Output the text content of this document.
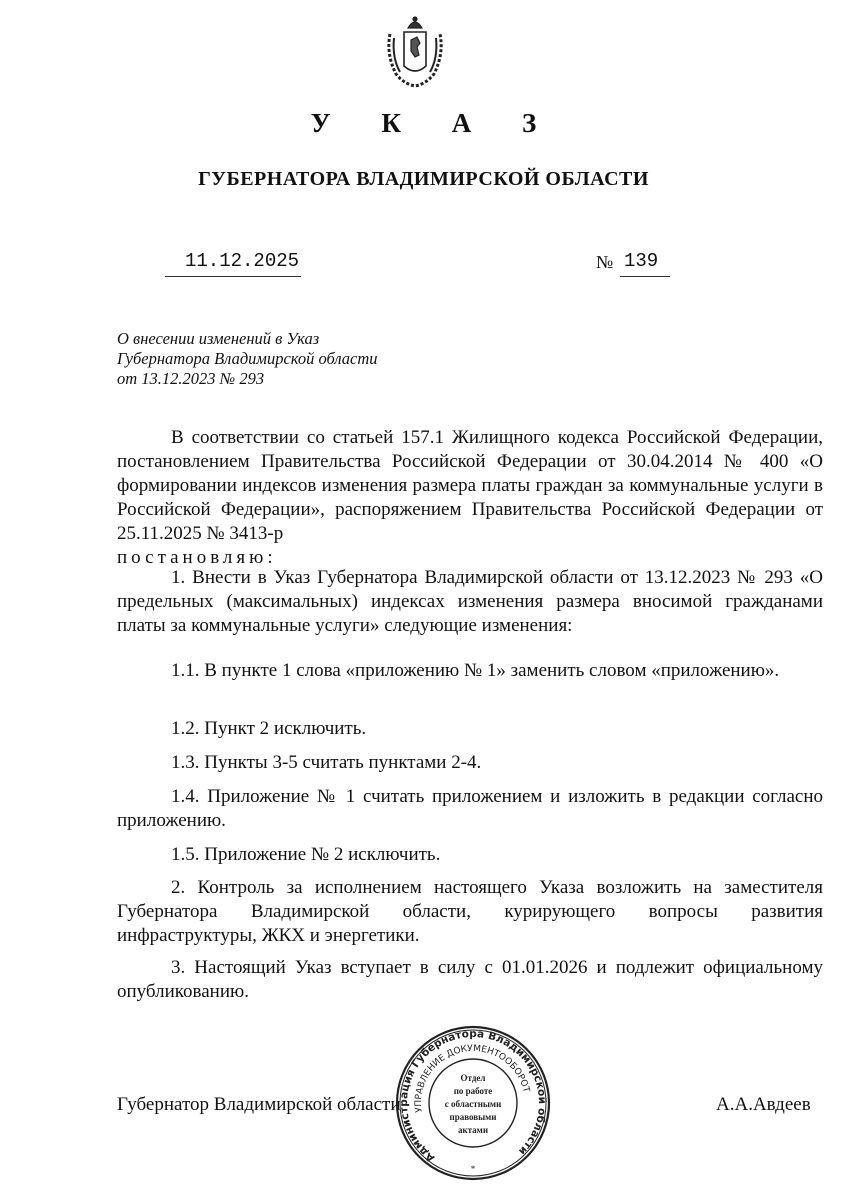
У К А З
ГУБЕРНАТОРА ВЛАДИМИРСКОЙ ОБЛАСТИ
11.12.2025	№ 139
О внесении изменений в Указ
Губернатора Владимирской области
от 13.12.2023 № 293

В соответствии со статьей 157.1 Жилищного кодекса Российской Федерации, постановлением Правительства Российской Федерации от 30.04.2014 № 400 «О формировании индексов изменения размера платы граждан за коммунальные услуги в Российской Федерации», распоряжением Правительства Российской Федерации от 25.11.2025 № 3413-р

постановляю:

1. Внести в Указ Губернатора Владимирской области от 13.12.2023 № 293 «О предельных (максимальных) индексах изменения размера вносимой гражданами платы за коммунальные услуги» следующие изменения:

1.1. В пункте 1 слова «приложению № 1» заменить словом «приложению».

1.2. Пункт 2 исключить.

1.3. Пункты 3-5 считать пунктами 2-4.

1.4. Приложение № 1 считать приложением и изложить в редакции согласно приложению.

1.5. Приложение № 2 исключить.

2. Контроль за исполнением настоящего Указа возложить на заместителя Губернатора Владимирской области, курирующего вопросы развития инфраструктуры, ЖКХ и энергетики.

3. Настоящий Указ вступает в силу с 01.01.2026 и подлежит официальному опубликованию.

Губернатор Владимирской области	А.А.Авдеев
Администрация Губернатора Владимирской области
УПРАВЛЕНИЕ ДОКУМЕНТООБОРОТА
Отдел
по работе
с областными
правовыми
актами
*
